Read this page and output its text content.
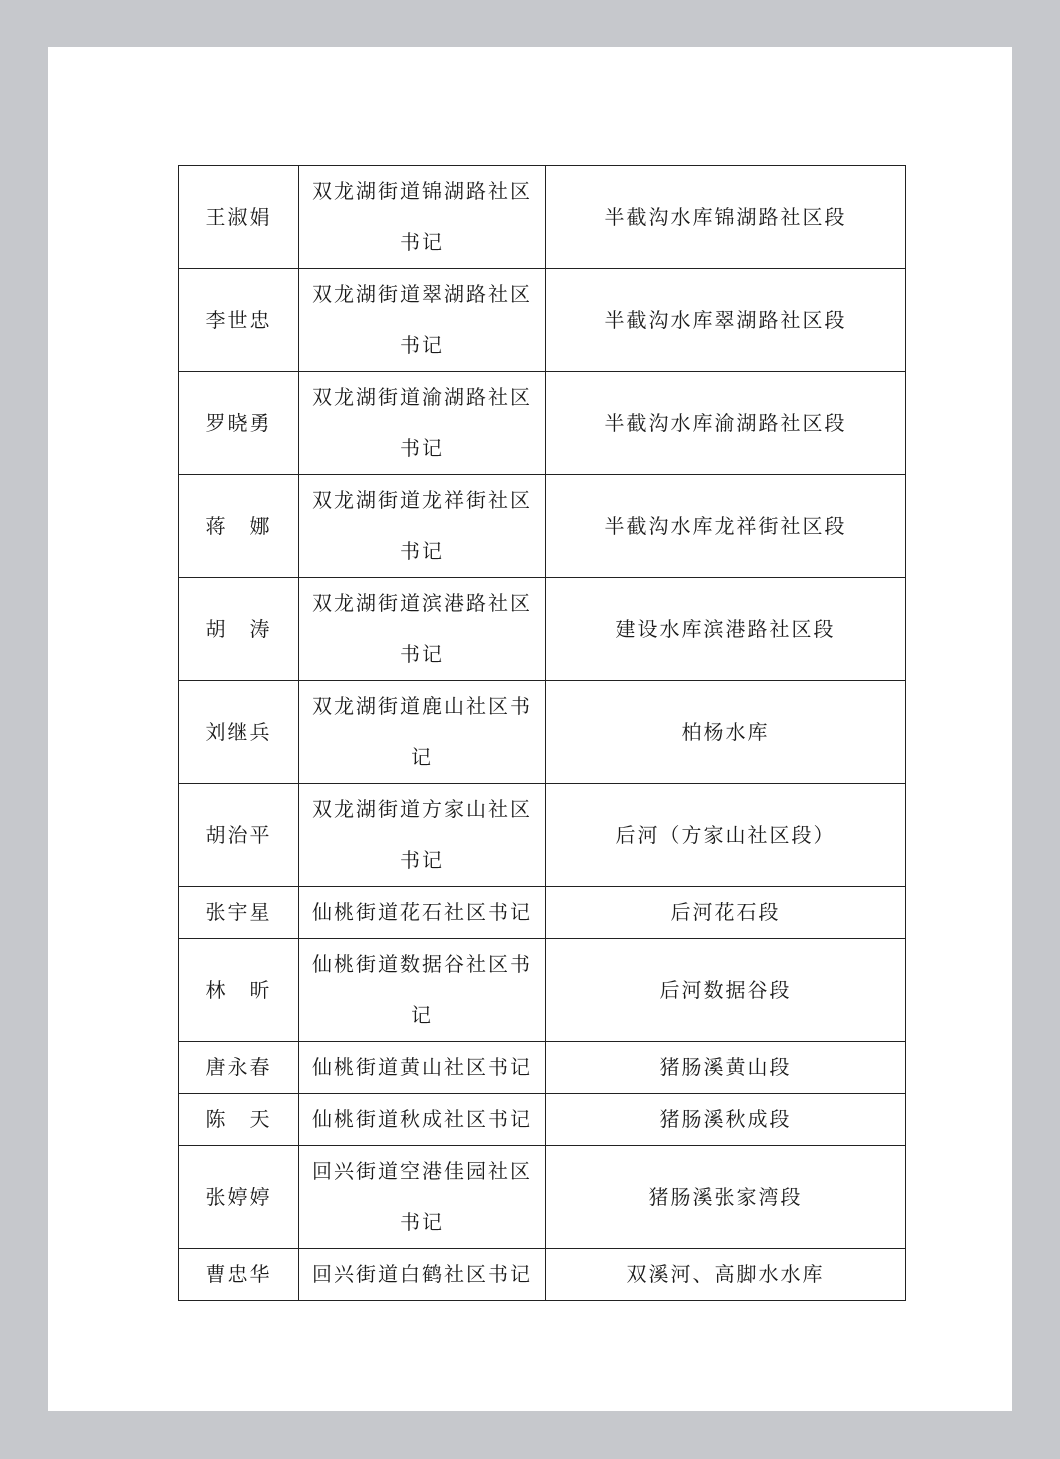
王淑娟	双龙湖街道锦湖路社区书记	半截沟水库锦湖路社区段
李世忠	双龙湖街道翠湖路社区书记	半截沟水库翠湖路社区段
罗晓勇	双龙湖街道渝湖路社区书记	半截沟水库渝湖路社区段
蒋　娜	双龙湖街道龙祥街社区书记	半截沟水库龙祥街社区段
胡　涛	双龙湖街道滨港路社区书记	建设水库滨港路社区段
刘继兵	双龙湖街道鹿山社区书记	柏杨水库
胡治平	双龙湖街道方家山社区书记	后河（方家山社区段）
张宇星	仙桃街道花石社区书记	后河花石段
林　昕	仙桃街道数据谷社区书记	后河数据谷段
唐永春	仙桃街道黄山社区书记	猪肠溪黄山段
陈　天	仙桃街道秋成社区书记	猪肠溪秋成段
张婷婷	回兴街道空港佳园社区书记	猪肠溪张家湾段
曹忠华	回兴街道白鹤社区书记	双溪河、高脚水水库
